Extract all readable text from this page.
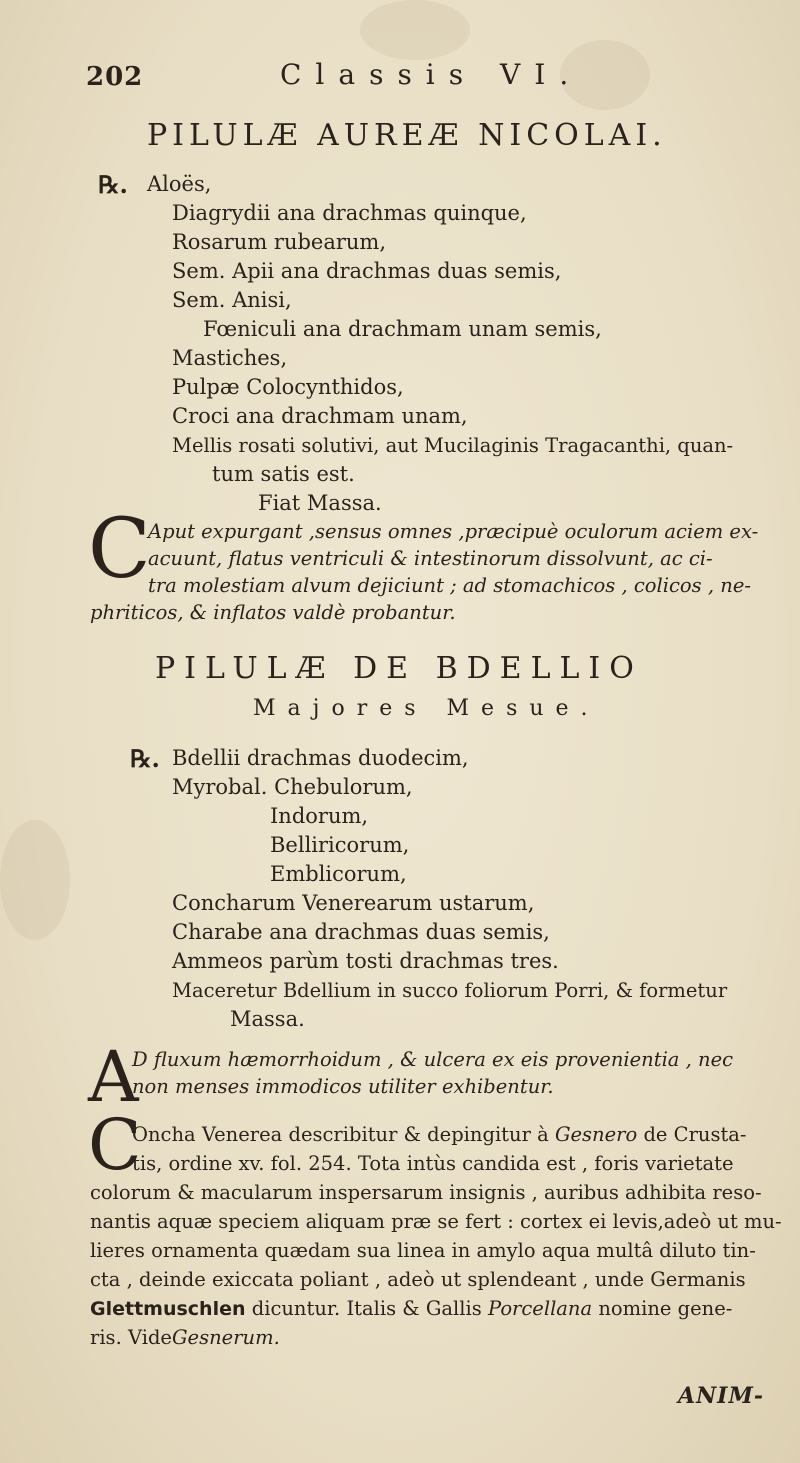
202	Classis VI.
PILULÆ AUREÆ NICOLAI.
℞. Aloës,
Diagrydii ana drachmas quinque,
Rosarum rubearum,
Sem. Apii ana drachmas duas semis,
Sem. Anisi,
Fœniculi ana drachmam unam semis,
Mastiches,
Pulpæ Colocynthidos,
Croci ana drachmam unam,
Mellis rosati solutivi, aut Mucilaginis Tragacanthi, quan-
tum satis est.
Fiat Massa.
C
Aput expurgant ,sensus omnes ,præcipuè oculorum aciem ex-
acuunt, flatus ventriculi & intestinorum dissolvunt, ac ci-
tra molestiam alvum dejiciunt ; ad stomachicos , colicos , ne-
phriticos, & inflatos valdè probantur.
PILULÆ DE BDELLIO
Majores Mesue.
℞. Bdellii drachmas duodecim,
Myrobal. Chebulorum,
Indorum,
Belliricorum,
Emblicorum,
Concharum Venerearum ustarum,
Charabe ana drachmas duas semis,
Ammeos parùm tosti drachmas tres.
Maceretur Bdellium in succo foliorum Porri, & formetur
Massa.
A
D fluxum hæmorrhoidum , & ulcera ex eis provenientia , nec
non menses immodicos utiliter exhibentur.
C
Oncha Venerea describitur & depingitur à Gesnero de Crusta-
tis, ordine xv. fol. 254. Tota intùs candida est , foris varietate
colorum & macularum inspersarum insignis , auribus adhibita reso-
nantis aquæ speciem aliquam præ se fert : cortex ei levis,adeò ut mu-
lieres ornamenta quædam sua linea in amylo aqua multâ diluto tin-
cta , deinde exiccata poliant , adeò ut splendeant , unde Germanis
Glettmuschlen dicuntur. Italis & Gallis Porcellana nomine gene-
ris. VideGesnerum.
ANIM-
